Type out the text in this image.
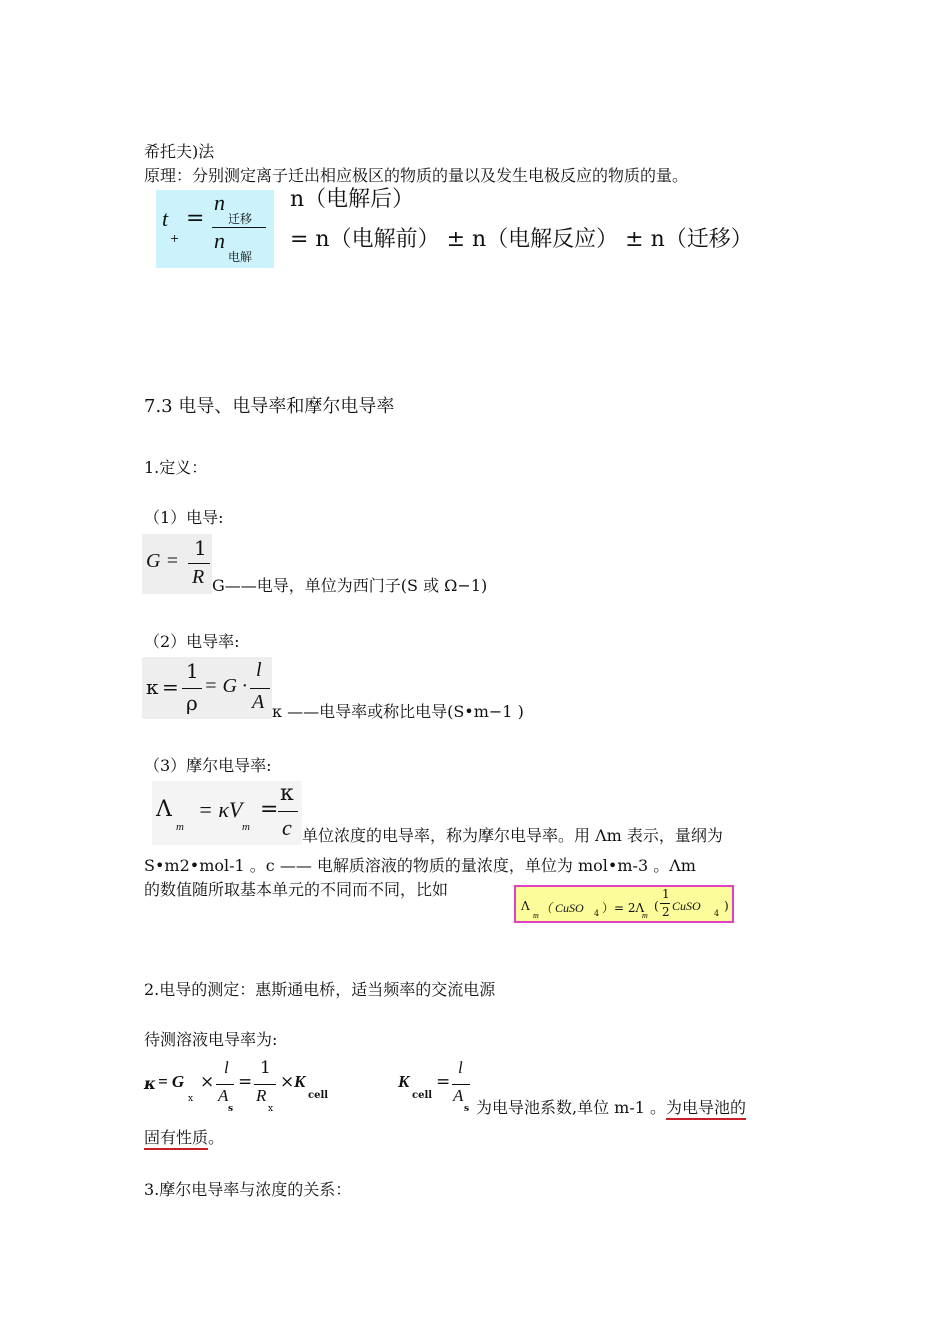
希托夫)法
原理：分别测定离子迁出相应极区的物质的量以及发生电极反应的物质的量。
t
+
=
n
迁移
n
电解
n（电解后）
= n（电解前） ± n（电解反应） ± n（迁移）
7.3 电导、电导率和摩尔电导率
1.定义：
（1）电导:
G =
1
R G——电导，单位为西门子(S 或 Ω−1)
（2）电导率:
κ =
1
ρ
= G ·
l
A κ ——电导率或称比电导(S•m−1 )
（3）摩尔电导率:
Λ
m
= κV
m
=
κ
c 单位浓度的电导率，称为摩尔电导率。用 Λm 表示，量纲为
S•m2•mol-1 。c —— 电解质溶液的物质的量浓度，单位为 mol•m-3 。Λm
的数值随所取基本单元的不同而不同，比如
Λ
m
（ CuSO 4 ）= 2Λ
m
(
1
2 CuSO
4
)
2.电导的测定：惠斯通电桥，适当频率的交流电源
待测溶液电导率为:
κ = G
x
×
l
A
s
=
1
R
x
× K
cell
K
cell
=
l
A
s 为电导池系数,单位 m-1 。为电导池的
固有性质。
3.摩尔电导率与浓度的关系：
